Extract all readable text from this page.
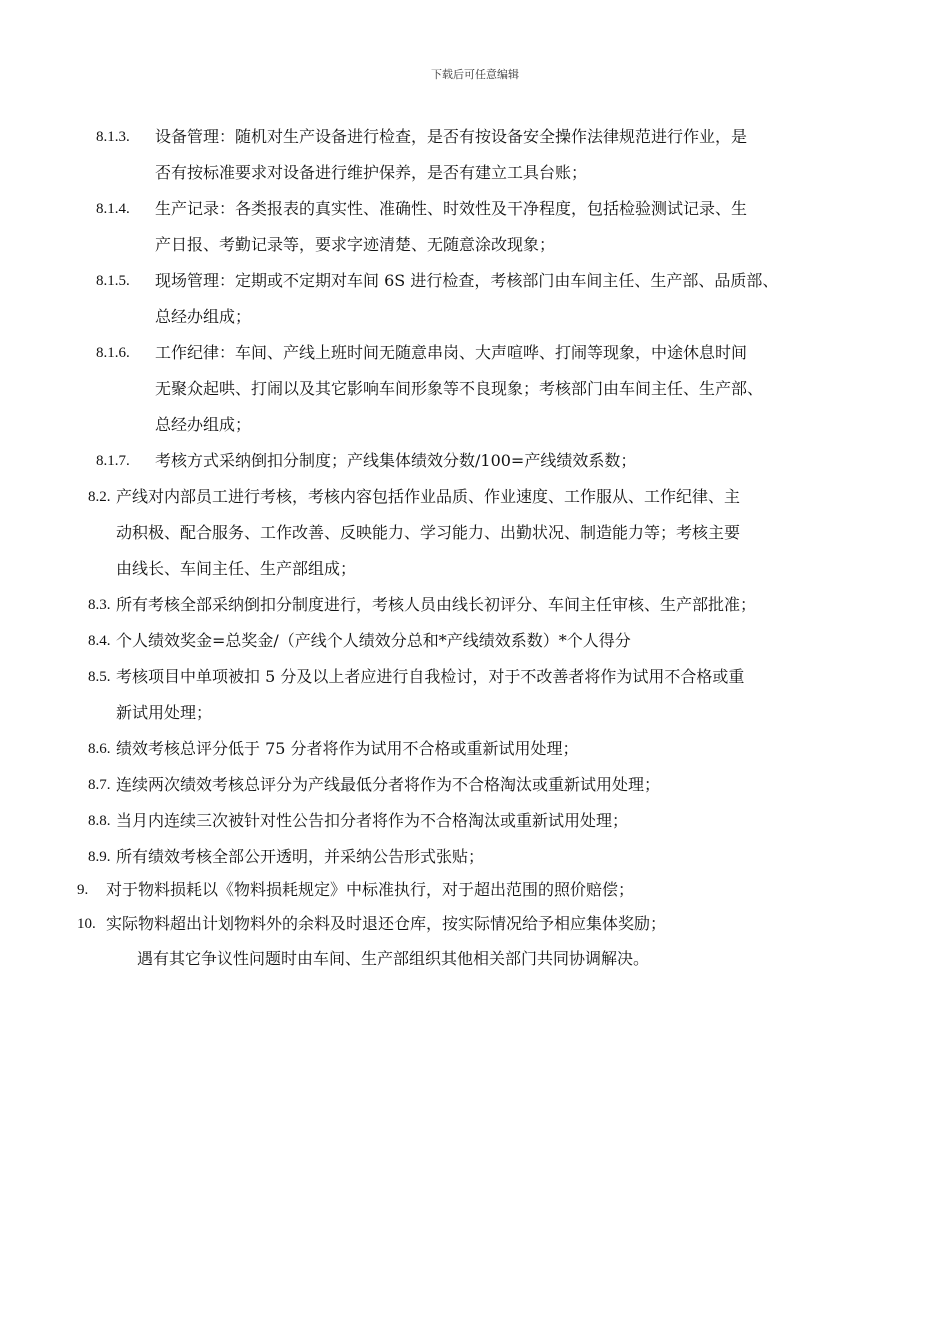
下载后可任意编辑
8.1.3. 设备管理：随机对生产设备进行检查，是否有按设备安全操作法律规范进行作业，是
否有按标准要求对设备进行维护保养，是否有建立工具台账；
8.1.4. 生产记录：各类报表的真实性、准确性、时效性及干净程度，包括检验测试记录、生
产日报、考勤记录等，要求字迹清楚、无随意涂改现象；
8.1.5. 现场管理：定期或不定期对车间 6S 进行检查，考核部门由车间主任、生产部、品质部、
总经办组成；
8.1.6. 工作纪律：车间、产线上班时间无随意串岗、大声喧哗、打闹等现象，中途休息时间
无聚众起哄、打闹以及其它影响车间形象等不良现象；考核部门由车间主任、生产部、
总经办组成；
8.1.7. 考核方式采纳倒扣分制度；产线集体绩效分数/100=产线绩效系数；
8.2. 产线对内部员工进行考核，考核内容包括作业品质、作业速度、工作服从、工作纪律、主
动积极、配合服务、工作改善、反映能力、学习能力、出勤状况、制造能力等；考核主要
由线长、车间主任、生产部组成；
8.3. 所有考核全部采纳倒扣分制度进行，考核人员由线长初评分、车间主任审核、生产部批准；
8.4. 个人绩效奖金=总奖金/（产线个人绩效分总和*产线绩效系数）*个人得分
8.5. 考核项目中单项被扣 5 分及以上者应进行自我检讨，对于不改善者将作为试用不合格或重
新试用处理；
8.6. 绩效考核总评分低于 75 分者将作为试用不合格或重新试用处理；
8.7. 连续两次绩效考核总评分为产线最低分者将作为不合格淘汰或重新试用处理；
8.8. 当月内连续三次被针对性公告扣分者将作为不合格淘汰或重新试用处理；
8.9. 所有绩效考核全部公开透明，并采纳公告形式张贴；
9. 对于物料损耗以《物料损耗规定》中标准执行，对于超出范围的照价赔偿；
10. 实际物料超出计划物料外的余料及时退还仓库，按实际情况给予相应集体奖励；
遇有其它争议性问题时由车间、生产部组织其他相关部门共同协调解决。
